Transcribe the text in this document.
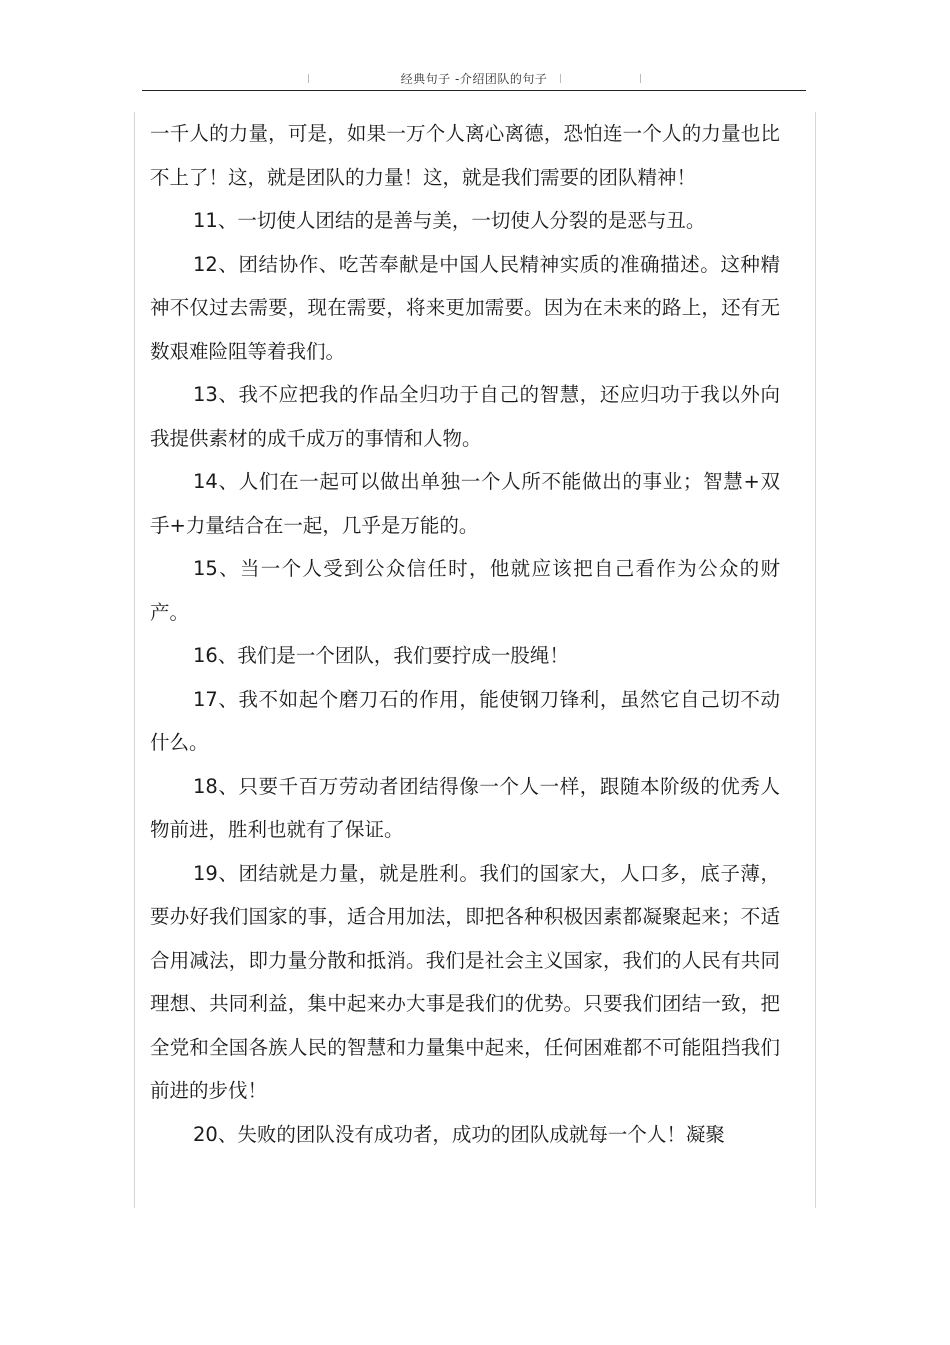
经典句子 -介绍团队的句子

一千人的力量，可是，如果一万个人离心离德，恐怕连一个人的力量也比不上了！这，就是团队的力量！这，就是我们需要的团队精神！

11、一切使人团结的是善与美，一切使人分裂的是恶与丑。

12、团结协作、吃苦奉献是中国人民精神实质的准确描述。这种精神不仅过去需要，现在需要，将来更加需要。因为在未来的路上，还有无数艰难险阻等着我们。

13、我不应把我的作品全归功于自己的智慧，还应归功于我以外向我提供素材的成千成万的事情和人物。

14、人们在一起可以做出单独一个人所不能做出的事业；智慧+双手+力量结合在一起，几乎是万能的。

15、当一个人受到公众信任时，他就应该把自己看作为公众的财产。

16、我们是一个团队，我们要拧成一股绳！

17、我不如起个磨刀石的作用，能使钢刀锋利，虽然它自己切不动什么。

18、只要千百万劳动者团结得像一个人一样，跟随本阶级的优秀人物前进，胜利也就有了保证。

19、团结就是力量，就是胜利。我们的国家大，人口多，底子薄，要办好我们国家的事，适合用加法，即把各种积极因素都凝聚起来；不适合用减法，即力量分散和抵消。我们是社会主义国家，我们的人民有共同理想、共同利益，集中起来办大事是我们的优势。只要我们团结一致，把全党和全国各族人民的智慧和力量集中起来，任何困难都不可能阻挡我们前进的步伐！

20、失败的团队没有成功者，成功的团队成就每一个人！凝聚
